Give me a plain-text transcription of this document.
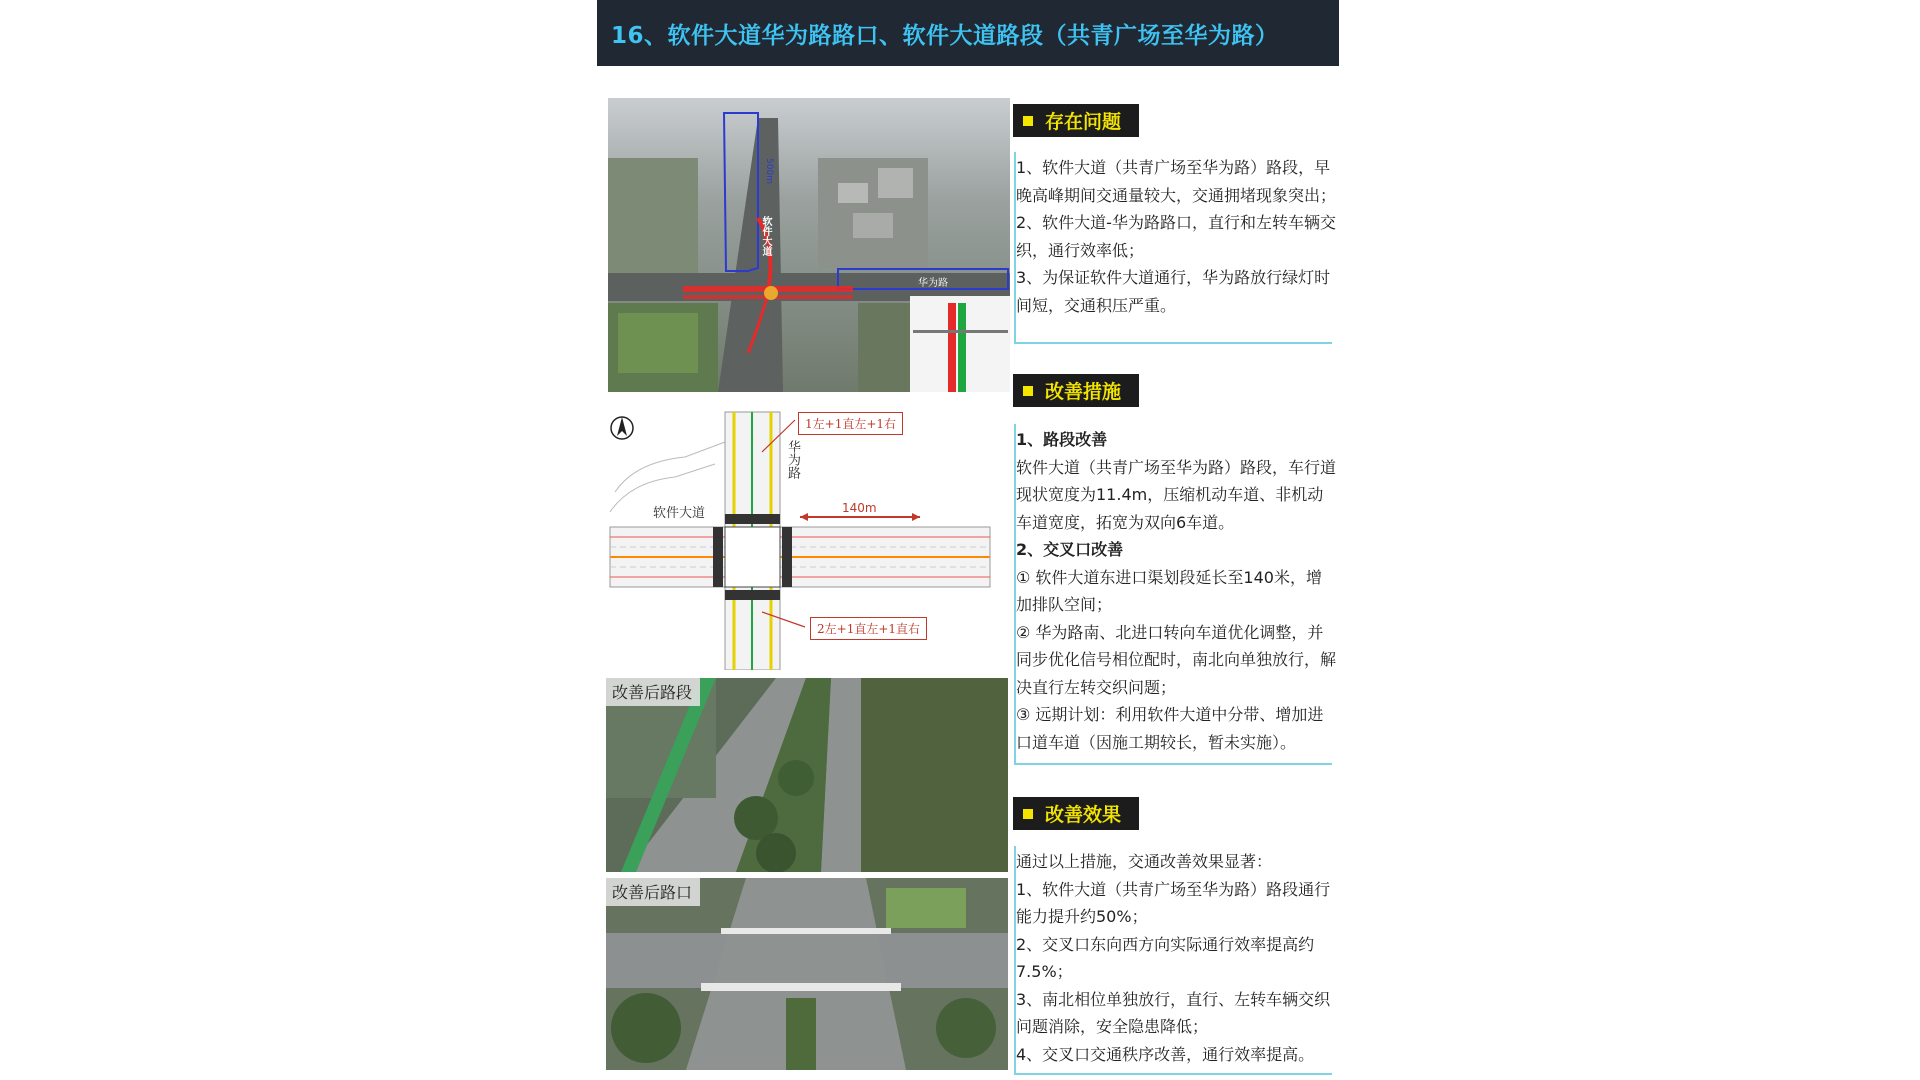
16、软件大道华为路路口、软件大道路段（共青广场至华为路）
软件大道
500m
华为路
1左+1直左+1右
2左+1直左+1直右
软件大道
华为路
140m
改善后路段
改善后路口
存在问题

1、软件大道（共青广场至华为路）路段，早晚高峰期间交通量较大，交通拥堵现象突出；

2、软件大道-华为路路口，直行和左转车辆交织，通行效率低；

3、为保证软件大道通行，华为路放行绿灯时间短，交通积压严重。

改善措施

1、路段改善

软件大道（共青广场至华为路）路段，车行道现状宽度为11.4m，压缩机动车道、非机动车道宽度，拓宽为双向6车道。

2、交叉口改善

① 软件大道东进口渠划段延长至140米，增加排队空间；

② 华为路南、北进口转向车道优化调整，并同步优化信号相位配时，南北向单独放行，解决直行左转交织问题；

③ 远期计划：利用软件大道中分带、增加进口道车道（因施工期较长，暂未实施）。

改善效果

通过以上措施，交通改善效果显著：

1、软件大道（共青广场至华为路）路段通行能力提升约50%；

2、交叉口东向西方向实际通行效率提高约7.5%；

3、南北相位单独放行，直行、左转车辆交织问题消除，安全隐患降低；

4、交叉口交通秩序改善，通行效率提高。
